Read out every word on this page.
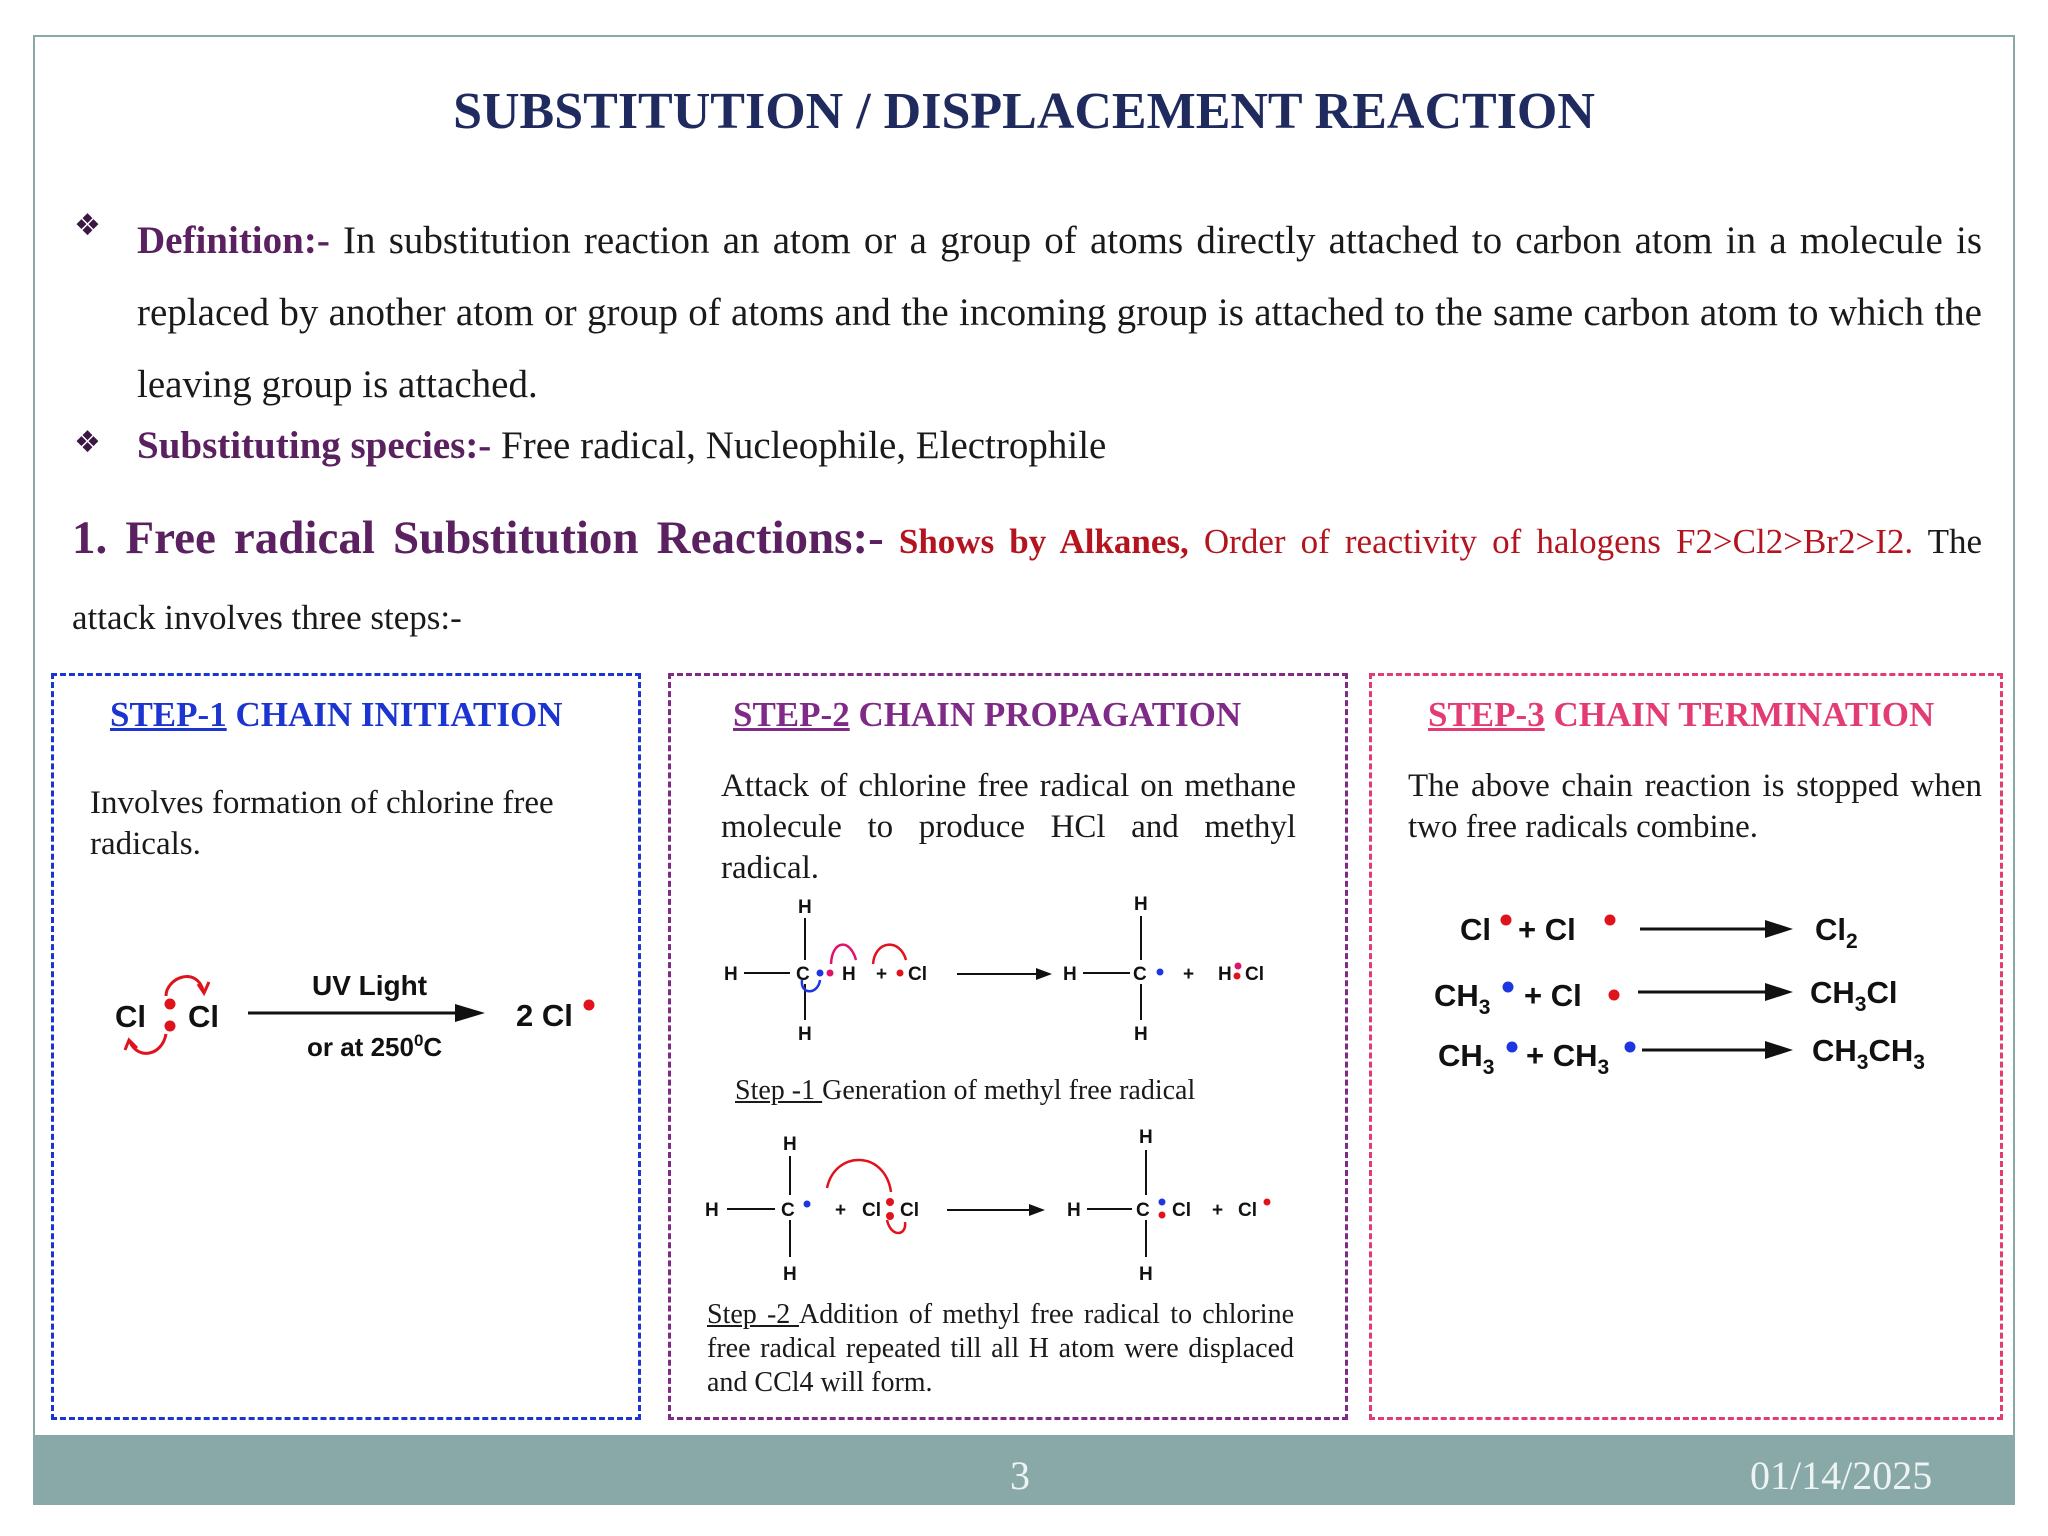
SUBSTITUTION / DISPLACEMENT REACTION
❖ Definition:- In substitution reaction an atom or a group of atoms directly attached to carbon atom in a molecule is replaced by another atom or group of atoms and the incoming group is attached to the same carbon atom to which the leaving group is attached.
❖ Substituting species:- Free radical, Nucleophile, Electrophile
1. Free radical Substitution Reactions:- Shows by Alkanes, Order of reactivity of halogens F2>Cl2>Br2>I2. The attack involves three steps:-
STEP-1 CHAIN INITIATION
Involves formation of chlorine free radicals.
Cl Cl
UV Light
or at $250^0C$
2 Cl
STEP-2 CHAIN PROPAGATION
Attack of chlorine free radical on methane molecule to produce HCl and methyl radical.
H
H	C H
H
+ Cl	H
H
C
H
+ H Cl
Step -1 Generation of methyl free radical
H
H	C
H
+ Cl Cl	H
H
C Cl
H
+ Cl
Step -2 Addition of methyl free radical to chlorine free radical repeated till all H atom were displaced and CCl4 will form.
STEP-3 CHAIN TERMINATION
The above chain reaction is stopped when two free radicals combine.
Cl + Cl	$Cl_2$
$CH_3 + Cl$	$CH_3Cl$
$CH_3 + CH_3$	$CH_3CH_3$
3	01/14/2025
